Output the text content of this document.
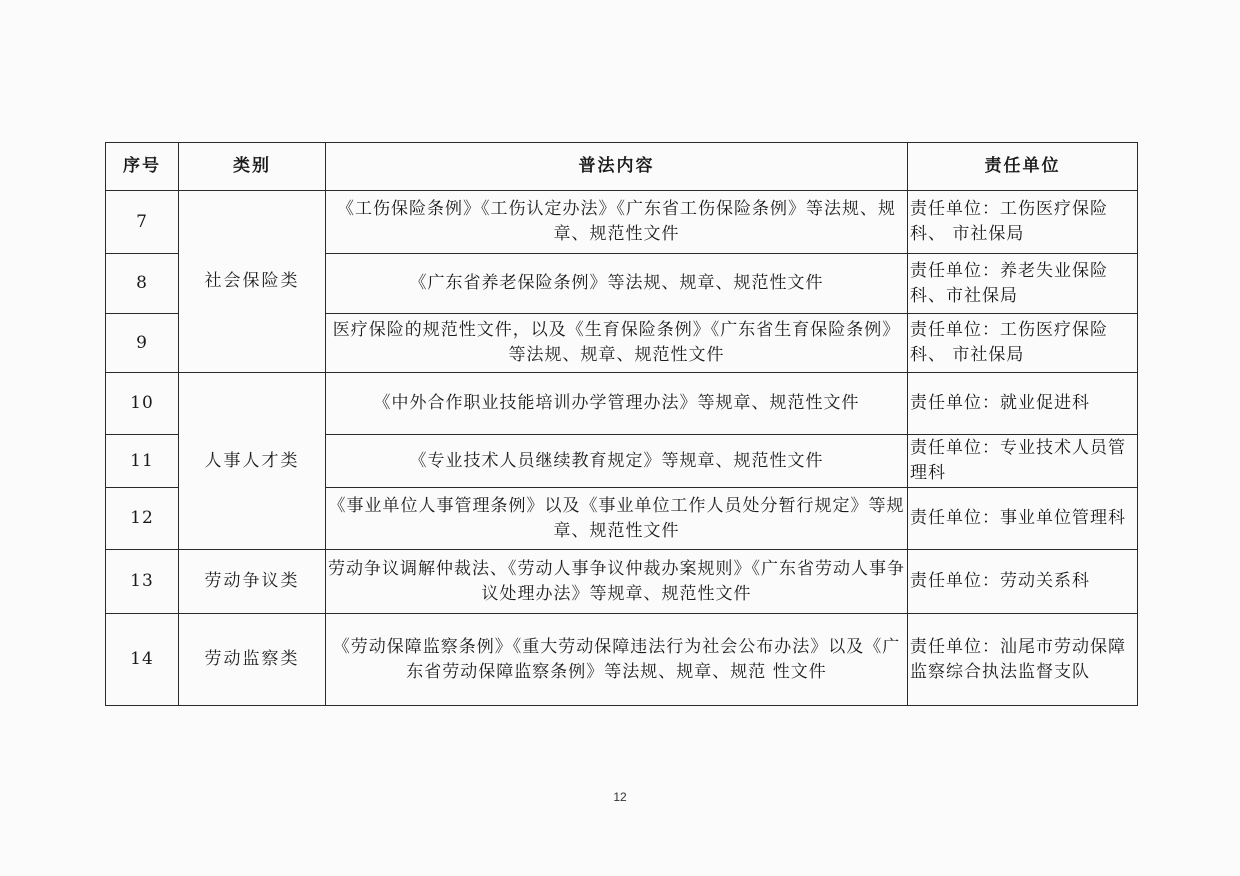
序号	类别	普法内容	责任单位
7	社会保险类	《工伤保险条例》《工伤认定办法》《广东省工伤保险条例》等法规、规章、规范性文件	责任单位：工伤医疗保险科、 市社保局
8		《广东省养老保险条例》等法规、规章、规范性文件	责任单位：养老失业保险科、市社保局
9		医疗保险的规范性文件，以及《生育保险条例》《广东省生育保险条例》等法规、规章、规范性文件	责任单位：工伤医疗保险科、 市社保局
10	人事人才类	《中外合作职业技能培训办学管理办法》等规章、规范性文件	责任单位：就业促进科
11		《专业技术人员继续教育规定》等规章、规范性文件	责任单位：专业技术人员管理科
12		《事业单位人事管理条例》以及《事业单位工作人员处分暂行规定》等规章、规范性文件	责任单位：事业单位管理科
13	劳动争议类	劳动争议调解仲裁法、《劳动人事争议仲裁办案规则》《广东省劳动人事争议处理办法》等规章、规范性文件	责任单位：劳动关系科
14	劳动监察类	《劳动保障监察条例》《重大劳动保障违法行为社会公布办法》以及《广东省劳动保障监察条例》等法规、规章、规范 性文件	责任单位：汕尾市劳动保障监察综合执法监督支队
12
